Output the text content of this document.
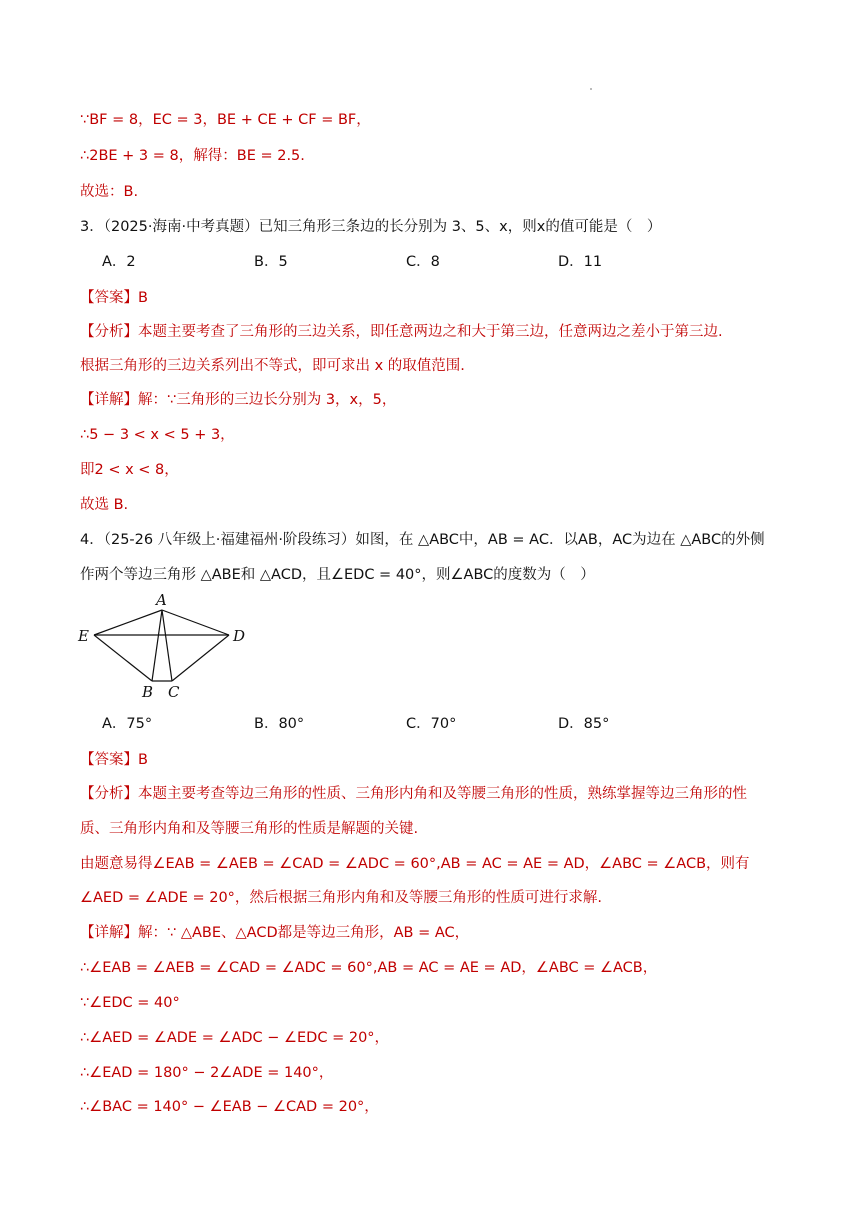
∵BF = 8，EC = 3，BE + CE + CF = BF，
∴2BE + 3 = 8，解得：BE = 2.5.
故选：B.
3．（2025·海南·中考真题）已知三角形三条边的长分别为 3、5、x，则x的值可能是（　）
A．2	B．5	C．8	D．11
【答案】B
【分析】本题主要考查了三角形的三边关系，即任意两边之和大于第三边，任意两边之差小于第三边.
根据三角形的三边关系列出不等式，即可求出 x 的取值范围.
【详解】解：∵三角形的三边长分别为 3，x，5，
∴5 − 3 < x < 5 + 3，
即2 < x < 8，
故选 B.
4．（25-26 八年级上·福建福州·阶段练习）如图，在 △ABC中，AB = AC．以AB，AC为边在 △ABC的外侧
作两个等边三角形 △ABE和 △ACD，且∠EDC = 40°，则∠ABC的度数为（　）
A
E	D
B C
A．75°	B．80°	C．70°	D．85°
【答案】B
【分析】本题主要考查等边三角形的性质、三角形内角和及等腰三角形的性质，熟练掌握等边三角形的性
质、三角形内角和及等腰三角形的性质是解题的关键.
由题意易得∠EAB = ∠AEB = ∠CAD = ∠ADC = 60°,AB = AC = AE = AD，∠ABC = ∠ACB，则有
∠AED = ∠ADE = 20°，然后根据三角形内角和及等腰三角形的性质可进行求解.
【详解】解：∵ △ABE、△ACD都是等边三角形，AB = AC，
∴∠EAB = ∠AEB = ∠CAD = ∠ADC = 60°,AB = AC = AE = AD，∠ABC = ∠ACB，
∵∠EDC = 40°
∴∠AED = ∠ADE = ∠ADC − ∠EDC = 20°，
∴∠EAD = 180° − 2∠ADE = 140°，
∴∠BAC = 140° − ∠EAB − ∠CAD = 20°，
